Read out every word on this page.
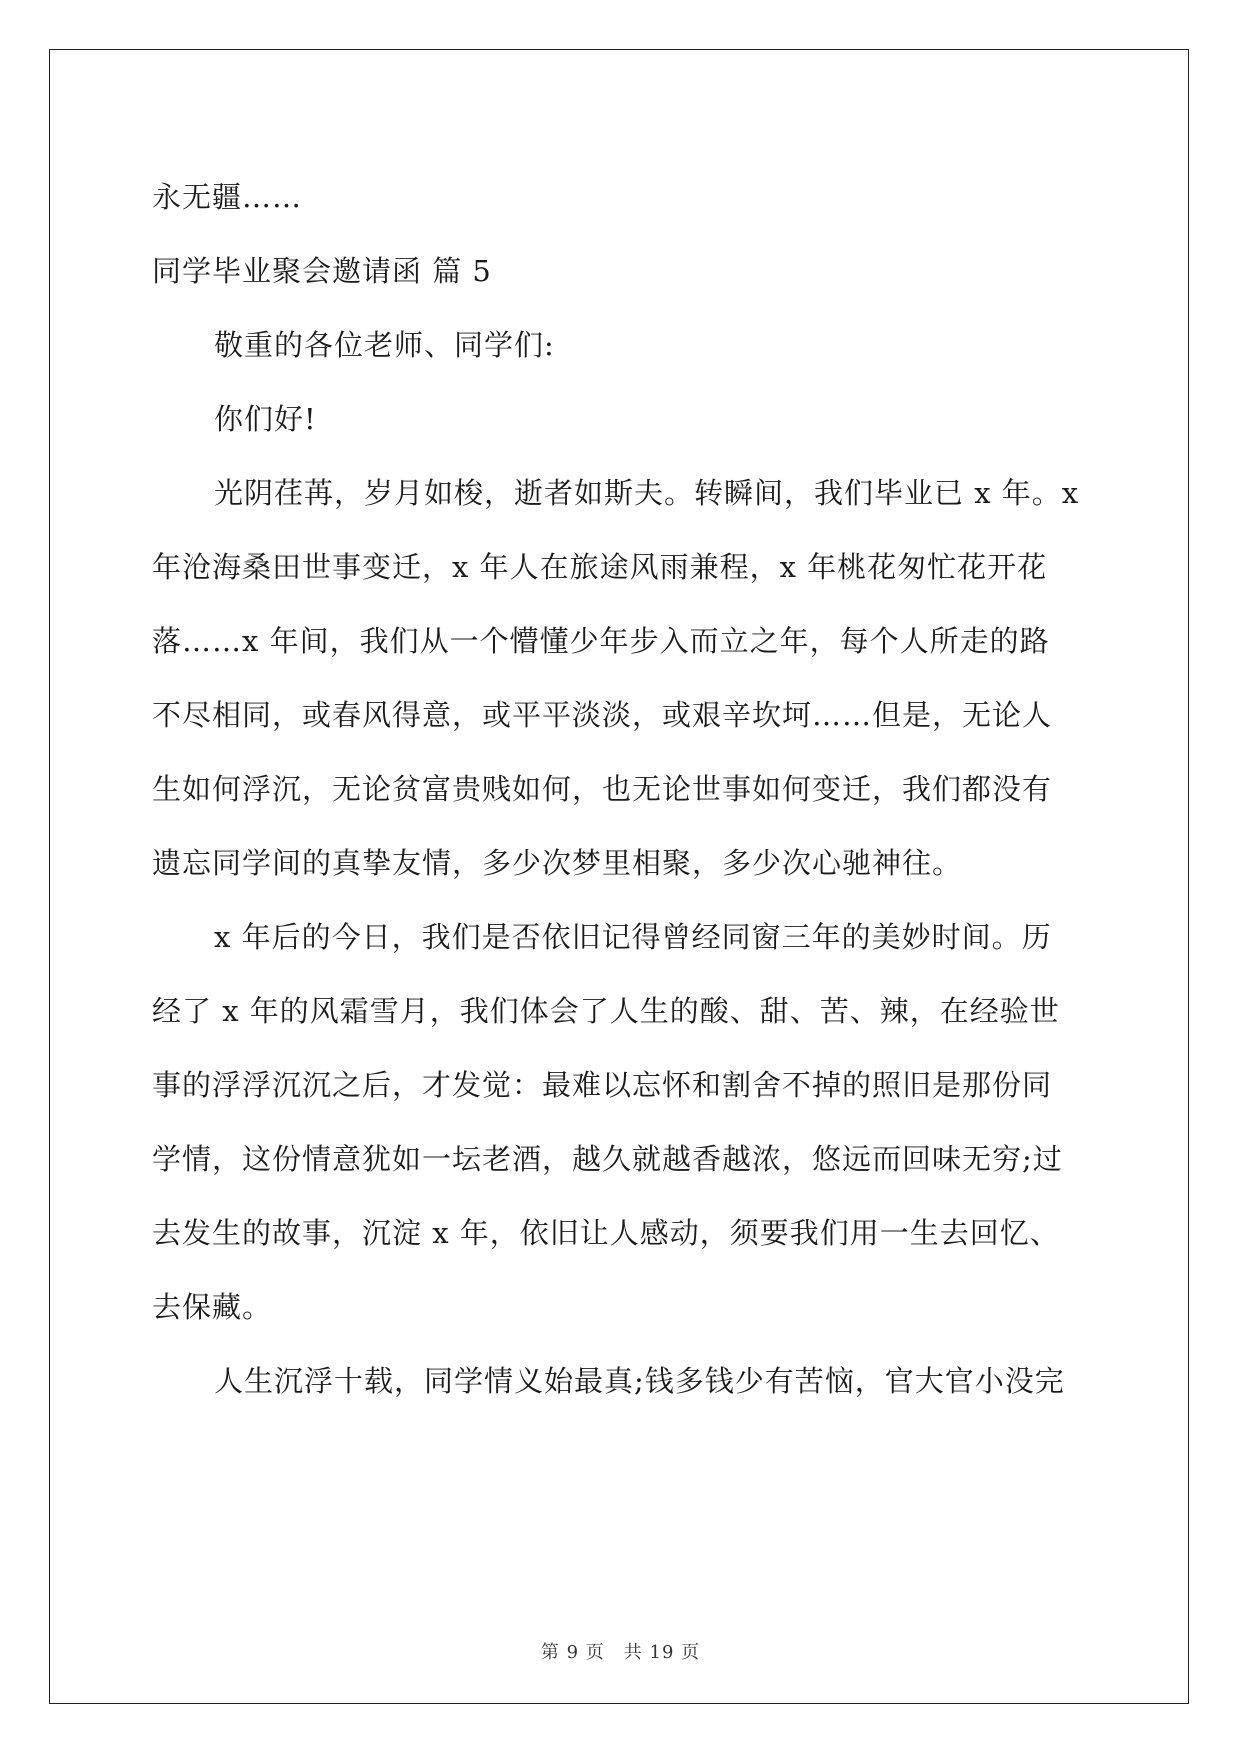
永无疆……

同学毕业聚会邀请函 篇 5

敬重的各位老师、同学们:

你们好!

光阴荏苒，岁月如梭，逝者如斯夫。转瞬间，我们毕业已 x 年。x

年沧海桑田世事变迁，x 年人在旅途风雨兼程，x 年桃花匆忙花开花

落……x 年间，我们从一个懵懂少年步入而立之年，每个人所走的路

不尽相同，或春风得意，或平平淡淡，或艰辛坎坷……但是，无论人

生如何浮沉，无论贫富贵贱如何，也无论世事如何变迁，我们都没有

遗忘同学间的真挚友情，多少次梦里相聚，多少次心驰神往。

x 年后的今日，我们是否依旧记得曾经同窗三年的美妙时间。历

经了 x 年的风霜雪月，我们体会了人生的酸、甜、苦、辣，在经验世

事的浮浮沉沉之后，才发觉：最难以忘怀和割舍不掉的照旧是那份同

学情，这份情意犹如一坛老酒，越久就越香越浓，悠远而回味无穷;过

去发生的故事，沉淀 x 年，依旧让人感动，须要我们用一生去回忆、

去保藏。

人生沉浮十载，同学情义始最真;钱多钱少有苦恼，官大官小没完

第 9 页　共 19 页
